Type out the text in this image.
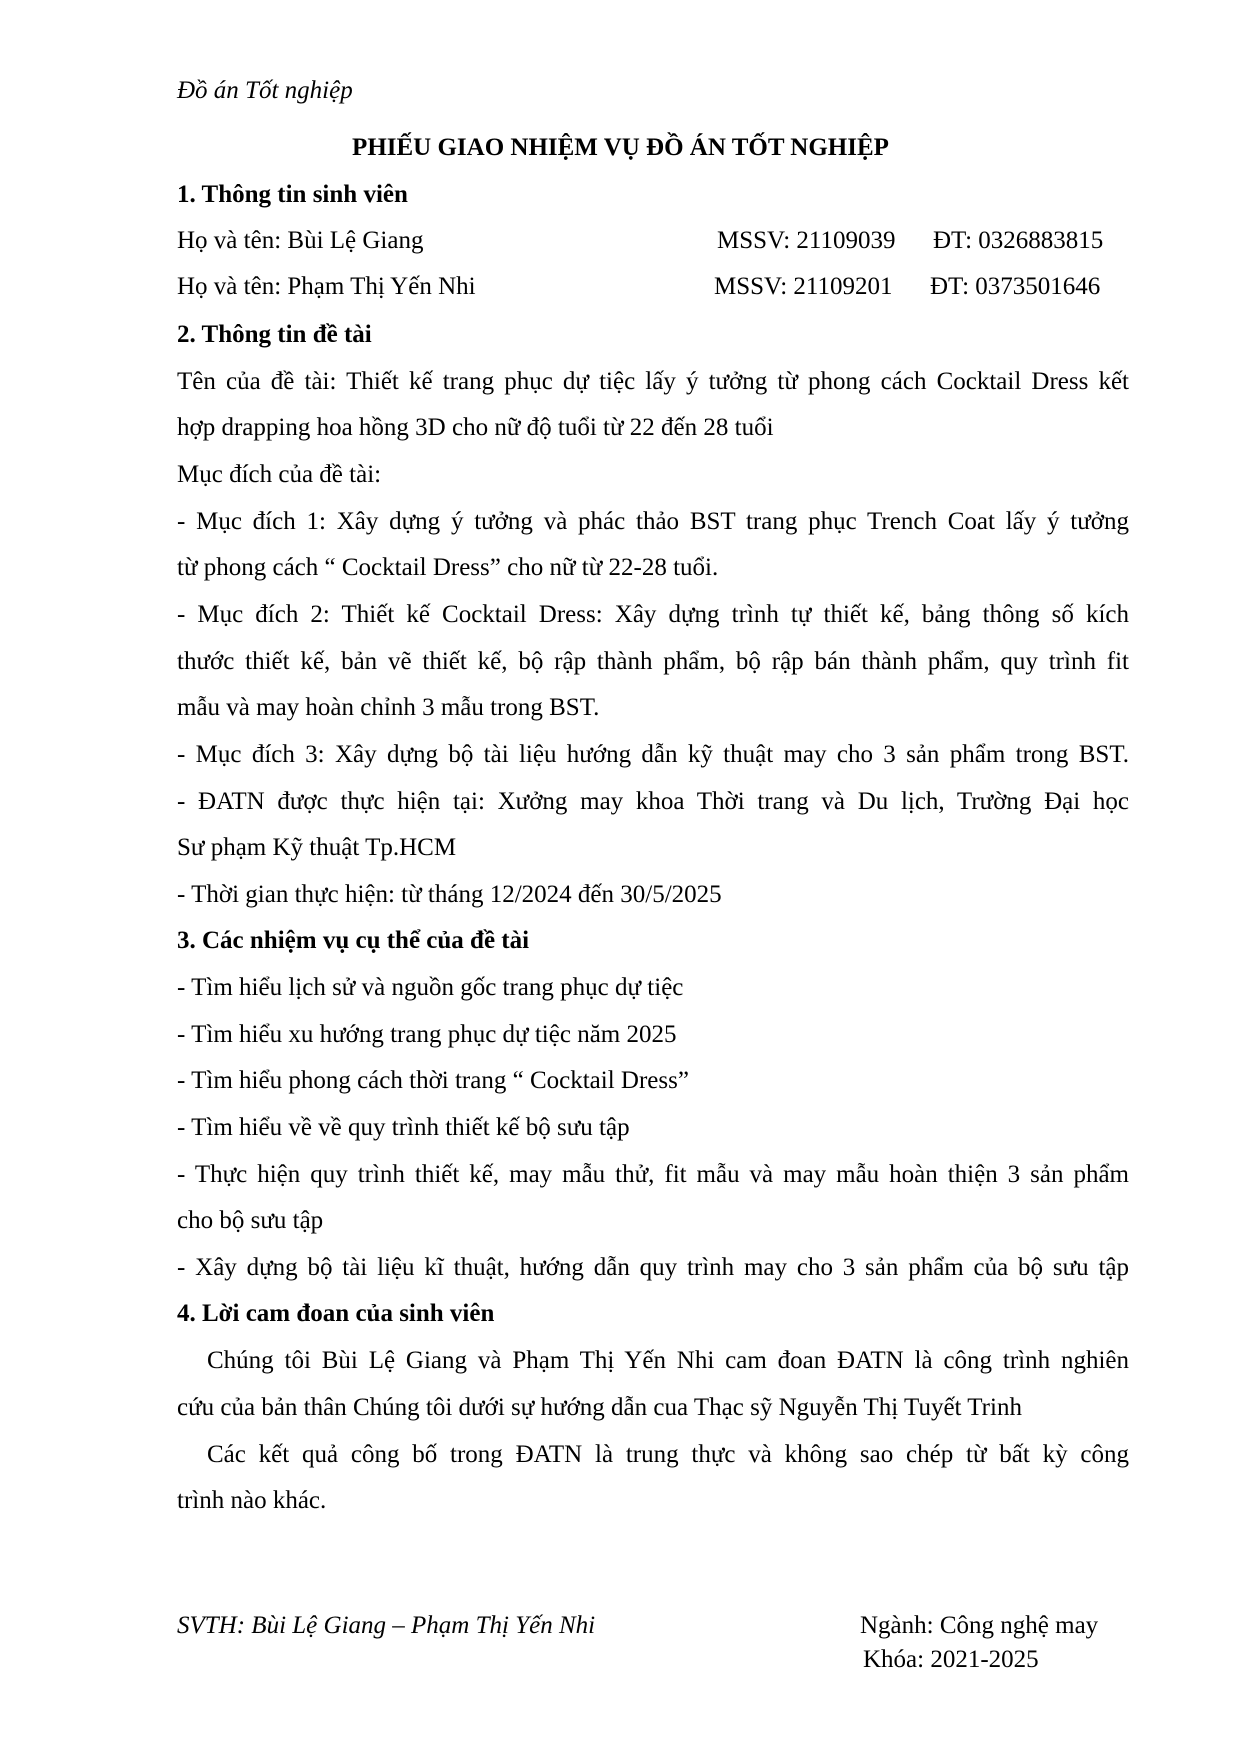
Đồ án Tốt nghiệp
PHIẾU GIAO NHIỆM VỤ ĐỒ ÁN TỐT NGHIỆP
1. Thông tin sinh viên
Họ và tên: Bùi Lệ Giang	MSSV: 21109039 ĐT: 0326883815
Họ và tên: Phạm Thị Yến Nhi	MSSV: 21109201 ĐT: 0373501646
2. Thông tin đề tài
Tên của đề tài: Thiết kế trang phục dự tiệc lấy ý tưởng từ phong cách Cocktail Dress kết
hợp drapping hoa hồng 3D cho nữ độ tuổi từ 22 đến 28 tuổi
Mục đích của đề tài:
- Mục đích 1: Xây dựng ý tưởng và phác thảo BST trang phục Trench Coat lấy ý tưởng
từ phong cách “ Cocktail Dress” cho nữ từ 22-28 tuổi.
- Mục đích 2: Thiết kế Cocktail Dress: Xây dựng trình tự thiết kế, bảng thông số kích
thước thiết kế, bản vẽ thiết kế, bộ rập thành phẩm, bộ rập bán thành phẩm, quy trình fit
mẫu và may hoàn chỉnh 3 mẫu trong BST.
- Mục đích 3: Xây dựng bộ tài liệu hướng dẫn kỹ thuật may cho 3 sản phẩm trong BST.
- ĐATN được thực hiện tại: Xưởng may khoa Thời trang và Du lịch, Trường Đại học
Sư phạm Kỹ thuật Tp.HCM
- Thời gian thực hiện: từ tháng 12/2024 đến 30/5/2025
3. Các nhiệm vụ cụ thể của đề tài
- Tìm hiểu lịch sử và nguồn gốc trang phục dự tiệc
- Tìm hiểu xu hướng trang phục dự tiệc năm 2025
- Tìm hiểu phong cách thời trang “ Cocktail Dress”
- Tìm hiểu về về quy trình thiết kế bộ sưu tập
- Thực hiện quy trình thiết kế, may mẫu thử, fit mẫu và may mẫu hoàn thiện 3 sản phẩm
cho bộ sưu tập
- Xây dựng bộ tài liệu kĩ thuật, hướng dẫn quy trình may cho 3 sản phẩm của bộ sưu tập
4. Lời cam đoan của sinh viên
Chúng tôi Bùi Lệ Giang và Phạm Thị Yến Nhi cam đoan ĐATN là công trình nghiên
cứu của bản thân Chúng tôi dưới sự hướng dẫn cua Thạc sỹ Nguyễn Thị Tuyết Trinh
Các kết quả công bố trong ĐATN là trung thực và không sao chép từ bất kỳ công
trình nào khác.
SVTH: Bùi Lệ Giang – Phạm Thị Yến Nhi	Ngành: Công nghệ may
Khóa: 2021-2025
